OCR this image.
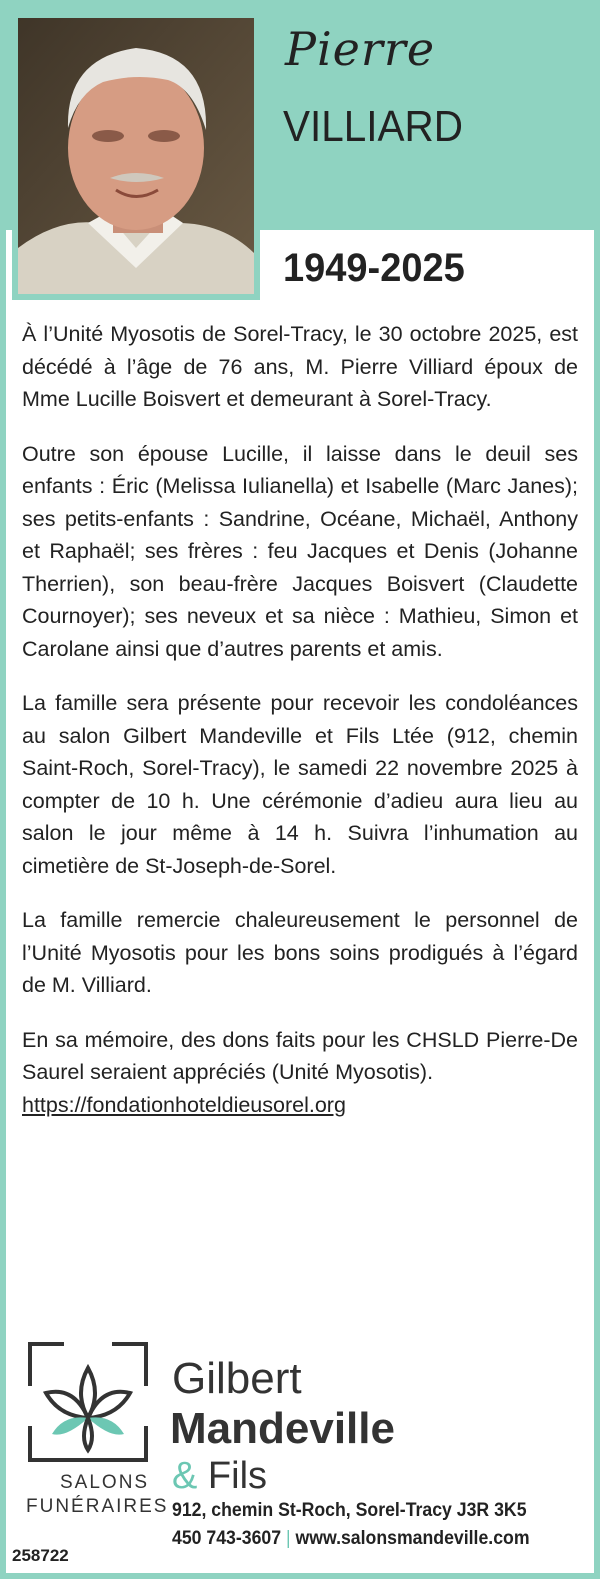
Pierre
VILLIARD
1949-2025

À l’Unité Myosotis de Sorel-Tracy, le 30 octobre 2025, est décédé à l’âge de 76 ans, M. Pierre Villiard époux de Mme Lucille Boisvert et demeurant à Sorel-Tracy.

Outre son épouse Lucille, il laisse dans le deuil ses enfants : Éric (Melissa Iulianella) et Isabelle (Marc Janes); ses petits-enfants : Sandrine, Océane, Michaël, Anthony et Raphaël; ses frères : feu Jacques et Denis (Johanne Therrien), son beau-frère Jacques Boisvert (Claudette Cournoyer); ses neveux et sa nièce : Mathieu, Simon et Carolane ainsi que d’autres parents et amis.

La famille sera présente pour recevoir les condoléances au salon Gilbert Mandeville et Fils Ltée (912, chemin Saint-Roch, Sorel-Tracy), le samedi 22 novembre 2025 à compter de 10 h. Une cérémonie d’adieu aura lieu au salon le jour même à 14 h. Suivra l’inhumation au cimetière de St-Joseph-de-Sorel.

La famille remercie chaleureusement le personnel de l’Unité Myosotis pour les bons soins prodigués à l’égard de M. Villiard.

En sa mémoire, des dons faits pour les CHSLD Pierre-De Saurel seraient appréciés (Unité Myosotis).
https://fondationhoteldieusorel.org

SALONS
FUNÉRAIRES
Gilbert
Mandeville
& Fils
912, chemin St-Roch, Sorel-Tracy J3R 3K5
450 743-3607 | www.salonsmandeville.com
258722
